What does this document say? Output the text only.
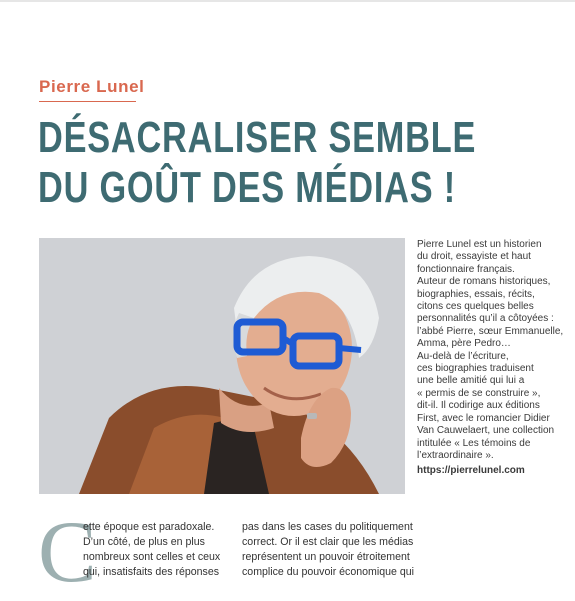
Pierre Lunel
DÉSACRALISER SEMBLE
DU GOÛT DES MÉDIAS !

Pierre Lunel est un historien

du droit, essayiste et haut

fonctionnaire français.

Auteur de romans historiques,

biographies, essais, récits,

citons ces quelques belles

personnalités qu’il a côtoyées :

l’abbé Pierre, sœur Emmanuelle,

Amma, père Pedro…

Au-delà de l’écriture,

ces biographies traduisent

une belle amitié qui lui a

« permis de se construire »,

dit-il. Il codirige aux éditions

First, avec le romancier Didier

Van Cauwelaert, une collection

intitulée « Les témoins de

l’extraordinaire ».

https://pierrelunel.com

C
ette époque est paradoxale.
D’un côté, de plus en plus
nombreux sont celles et ceux
qui, insatisfaits des réponses
pas dans les cases du politiquement
correct. Or il est clair que les médias
représentent un pouvoir étroitement
complice du pouvoir économique qui
